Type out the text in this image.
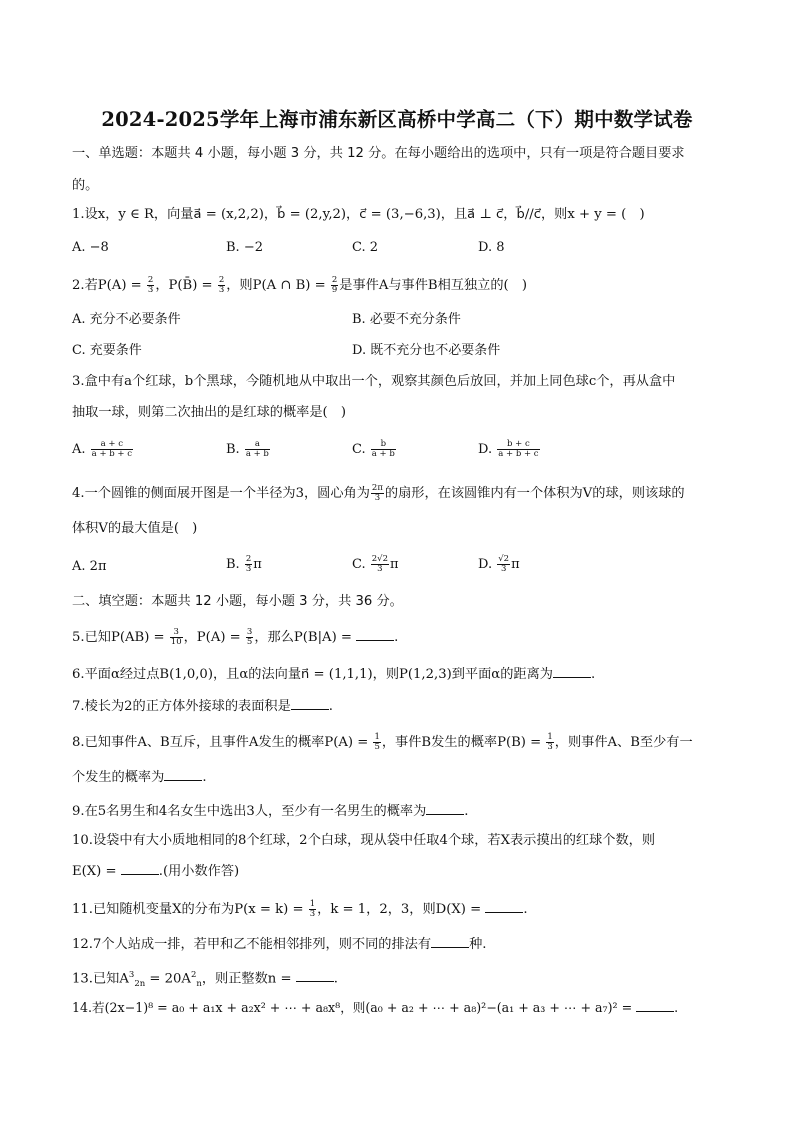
2024-2025学年上海市浦东新区高桥中学高二（下）期中数学试卷
一、单选题：本题共 4 小题，每小题 3 分，共 12 分。在每小题给出的选项中，只有一项是符合题目要求
的。
1.设x，y ∈ R，向量a⃗ = (x,2,2)，b⃗ = (2,y,2)，c⃗ = (3,−6,3)，且a⃗ ⊥ c⃗，b⃗//c⃗，则x + y = (　)
A. −8	B. −2	C. 2	D. 8
2.若$P(A) = \frac{2}{3}$ ，P(B̄) = $\frac{2}{3}$ ，则P(A ∩ $B) = \frac{2}{9}$ 是事件A与事件B相互独立的(　)
A. 充分不必要条件	B. 必要不充分条件
C. 充要条件	D. 既不充分也不必要条件
3.盒中有a个红球，b个黑球，今随机地从中取出一个，观察其颜色后放回，并加上同色球c个，再从盒中
抽取一球，则第二次抽出的是红球的概率是(　)
A. $\frac{a + c}{a + b + c}$	B. $\frac{a}{a + b}$	C. $\frac{b}{a + b}$	D. $\frac{b + c}{a + b + c}$
4.一个圆锥的侧面展开图是一个半径为3，圆心角为 $\frac{2\pi}{3}$ 的扇形，在该圆锥内有一个体积为V的球，则该球的
体积V的最大值是(　)
A. 2π	B. $\frac{2}{3}$ π	C. $\frac{2√2}{3}$ π	D. $\frac{√2}{3}$ π
二、填空题：本题共 12 小题，每小题 3 分，共 36 分。
5.已知$P(AB) = \frac{3}{10}$ ，$P(A) = \frac{3}{5}$ ，那么P(B|A) =	.
6.平面α经过点B(1,0,0)，且α的法向量n⃗ = (1,1,1)，则P(1,2,3)到平面α的距离为	.
7.棱长为2的正方体外接球的表面积是	.
8.已知事件A、B互斥，且事件A发生的概率$P(A) = \frac{1}{5}$ ，事件B发生的概率$P(B) = \frac{1}{3}$ ，则事件A、B至少有一
个发生的概率为	.
9.在5名男生和4名女生中选出3人，至少有一名男生的概率为	.
10.设袋中有大小质地相同的8个红球，2个白球，现从袋中任取4个球，若X表示摸出的红球个数，则
E(X) =	.(用小数作答)
11.已知随机变量X的分布为$P(x = k) = \frac{1}{3}$ ，k = 1，2，3，则D(X) =	.
12.7个人站成一排，若甲和乙不能相邻排列，则不同的排法有	种.
13.已知$A^3_{2n} = 20A^2_n$，则正整数n =	.
14.若(2x−1)⁸ = a₀ + a₁x + a₂x² + ⋯ + a₈x⁸，则(a₀ + a₂ + ⋯ + a₈)²−(a₁ + a₃ + ⋯ + a₇)² =	.
